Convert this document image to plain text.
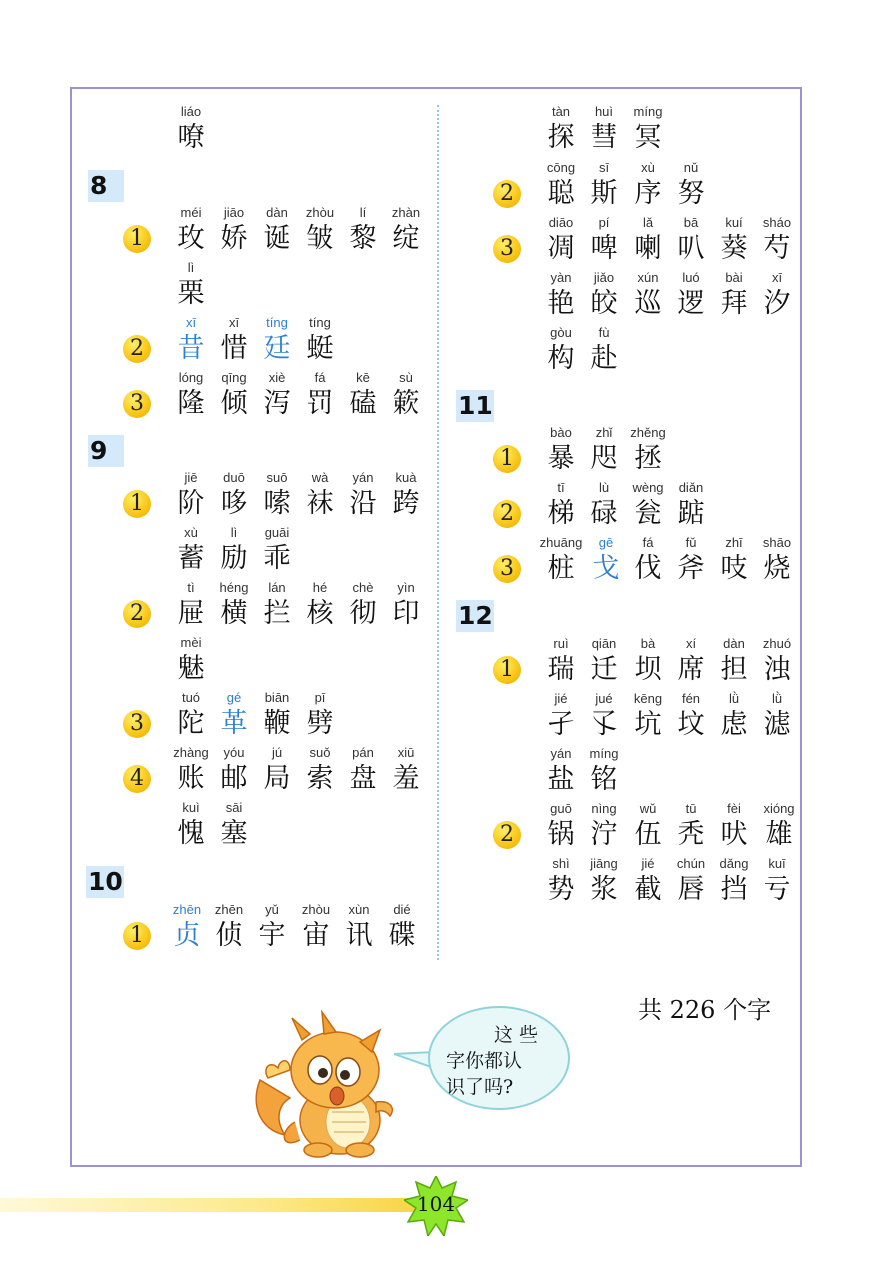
liáo
嘹
8
1
méi
玫
jiāo
娇
dàn
诞
zhòu
皱
lí
黎
zhàn
绽
lì
栗
2
xī
昔
xī
惜
tíng
廷
tíng
蜓
3
lóng
隆
qīng
倾
xiè
泻
fá
罚
kē
磕
sù
簌
9
1
jiē
阶
duō
哆
suō
嗦
wà
袜
yán
沿
kuà
跨
xù
蓄
lì
励
guāi
乖
2
tì
屉
héng
横
lán
拦
hé
核
chè
彻
yìn
印
mèi
魅
3
tuó
陀
gé
革
biān
鞭
pī
劈
4
zhàng
账
yóu
邮
jú
局
suǒ
索
pán
盘
xiū
羞
kuì
愧
sāi
塞
10
1
zhēn
贞
zhēn
侦
yǔ
宇
zhòu
宙
xùn
讯
dié
碟
tàn
探
huì
彗
míng
冥
2
cōng
聪
sī
斯
xù
序
nǔ
努
3
diāo
凋
pí
啤
lǎ
喇
bā
叭
kuí
葵
sháo
芍
yàn
艳
jiǎo
皎
xún
巡
luó
逻
bài
拜
xī
汐
gòu
构
fù
赴
11
1
bào
暴
zhǐ
咫
zhěng
拯
2
tī
梯
lù
碌
wèng
瓮
diǎn
踮
3
zhuāng
桩
gē
戈
fá
伐
fǔ
斧
zhī
吱
shāo
烧
12
1
ruì
瑞
qiān
迁
bà
坝
xí
席
dàn
担
zhuó
浊
jié
孑
jué
孓
kēng
坑
fén
坟
lǜ
虑
lǜ
滤
yán
盐
míng
铭
2
guō
锅
nìng
泞
wǔ
伍
tū
秃
fèi
吠
xióng
雄
shì
势
jiāng
浆
jié
截
chún
唇
dǎng
挡
kuī
亏
共 226 个字
这 些
字你都认
识了吗?
104
